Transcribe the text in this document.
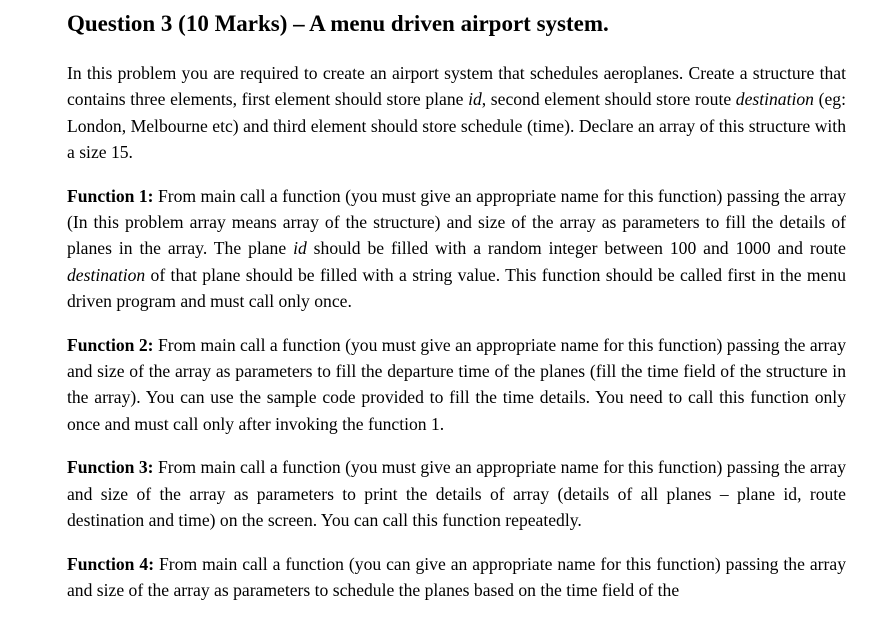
Question 3 (10 Marks) – A menu driven airport system.

In this problem you are required to create an airport system that schedules aeroplanes. Create a structure that contains three elements, first element should store plane id, second element should store route destination (eg: London, Melbourne etc) and third element should store schedule (time). Declare an array of this structure with a size 15.

Function 1: From main call a function (you must give an appropriate name for this function) passing the array (In this problem array means array of the structure) and size of the array as parameters to fill the details of planes in the array. The plane id should be filled with a random integer between 100 and 1000 and route destination of that plane should be filled with a string value. This function should be called first in the menu driven program and must call only once.

Function 2: From main call a function (you must give an appropriate name for this function) passing the array and size of the array as parameters to fill the departure time of the planes (fill the time field of the structure in the array). You can use the sample code provided to fill the time details. You need to call this function only once and must call only after invoking the function 1.

Function 3: From main call a function (you must give an appropriate name for this function) passing the array and size of the array as parameters to print the details of array (details of all planes – plane id, route destination and time) on the screen. You can call this function repeatedly.

Function 4: From main call a function (you can give an appropriate name for this function) passing the array and size of the array as parameters to schedule the planes based on the time field of the
